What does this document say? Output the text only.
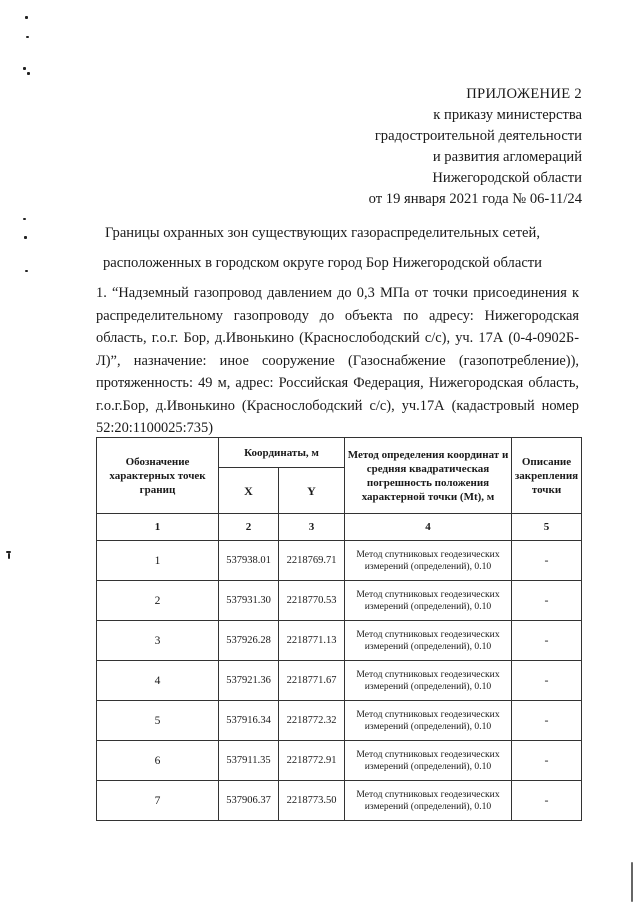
ПРИЛОЖЕНИЕ 2
к приказу министерства
градостроительной деятельности
и развития агломераций
Нижегородской области
от 19 января 2021 года № 06-11/24
Границы охранных зон существующих газораспределительных сетей,
расположенных в городском округе город Бор Нижегородской области
1. “Надземный газопровод давлением до 0,3 МПа от точки присоединения к распределительному газопроводу до объекта по адресу: Нижегородская область, г.о.г. Бор, д.Ивонькино (Краснослободский с/с), уч. 17А (0-4-0902Б-Л)”, назначение: иное сооружение (Газоснабжение (газопотребление)), протяженность: 49 м, адрес: Российская Федерация, Нижегородская область, г.о.г.Бор, д.Ивонькино (Краснослободский с/с), уч.17А (кадастровый номер 52:20:1100025:735)
Обозначение характерных точек границ	Координаты, м		Метод определения координат и средняя квадратическая погрешность положения характерной точки (Mt), м	Описание закрепления точки
	X	Y		
1	2	3	4	5
1	537938.01	2218769.71	Метод спутниковых геодезических измерений (определений), 0.10	-
2	537931.30	2218770.53	Метод спутниковых геодезических измерений (определений), 0.10	-
3	537926.28	2218771.13	Метод спутниковых геодезических измерений (определений), 0.10	-
4	537921.36	2218771.67	Метод спутниковых геодезических измерений (определений), 0.10	-
5	537916.34	2218772.32	Метод спутниковых геодезических измерений (определений), 0.10	-
6	537911.35	2218772.91	Метод спутниковых геодезических измерений (определений), 0.10	-
7	537906.37	2218773.50	Метод спутниковых геодезических измерений (определений), 0.10	-
